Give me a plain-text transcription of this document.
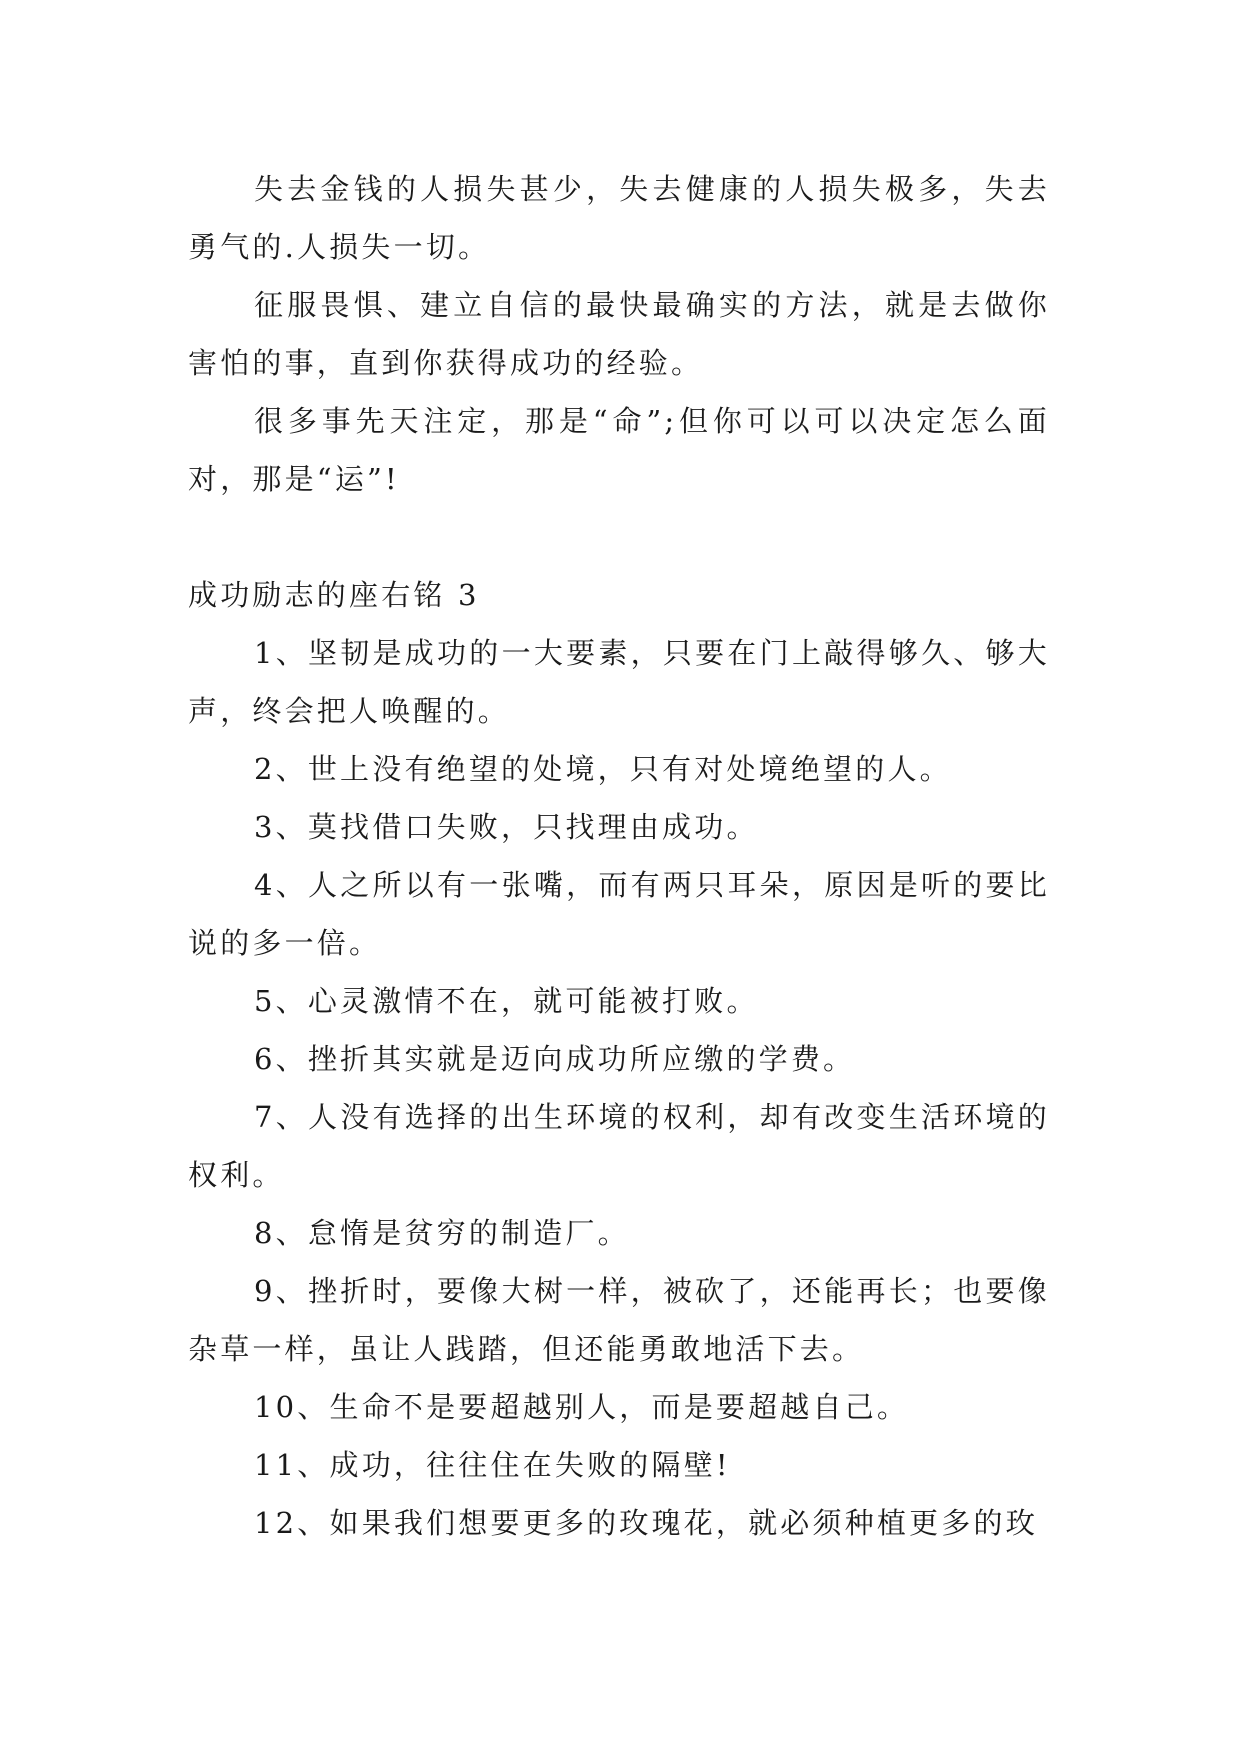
失去金钱的人损失甚少，失去健康的人损失极多，失去勇气的.人损失一切。

征服畏惧、建立自信的最快最确实的方法，就是去做你害怕的事，直到你获得成功的经验。

很多事先天注定，那是“命”;但你可以可以决定怎么面对，那是“运”!

成功励志的座右铭 3

1、坚韧是成功的一大要素，只要在门上敲得够久、够大声，终会把人唤醒的。

2、世上没有绝望的处境，只有对处境绝望的人。

3、莫找借口失败，只找理由成功。

4、人之所以有一张嘴，而有两只耳朵，原因是听的要比说的多一倍。

5、心灵激情不在，就可能被打败。

6、挫折其实就是迈向成功所应缴的学费。

7、人没有选择的出生环境的权利，却有改变生活环境的权利。

8、怠惰是贫穷的制造厂。

9、挫折时，要像大树一样，被砍了，还能再长；也要像杂草一样，虽让人践踏，但还能勇敢地活下去。

10、生命不是要超越别人，而是要超越自己。

11、成功，往往住在失败的隔壁!

12、如果我们想要更多的玫瑰花，就必须种植更多的玫
